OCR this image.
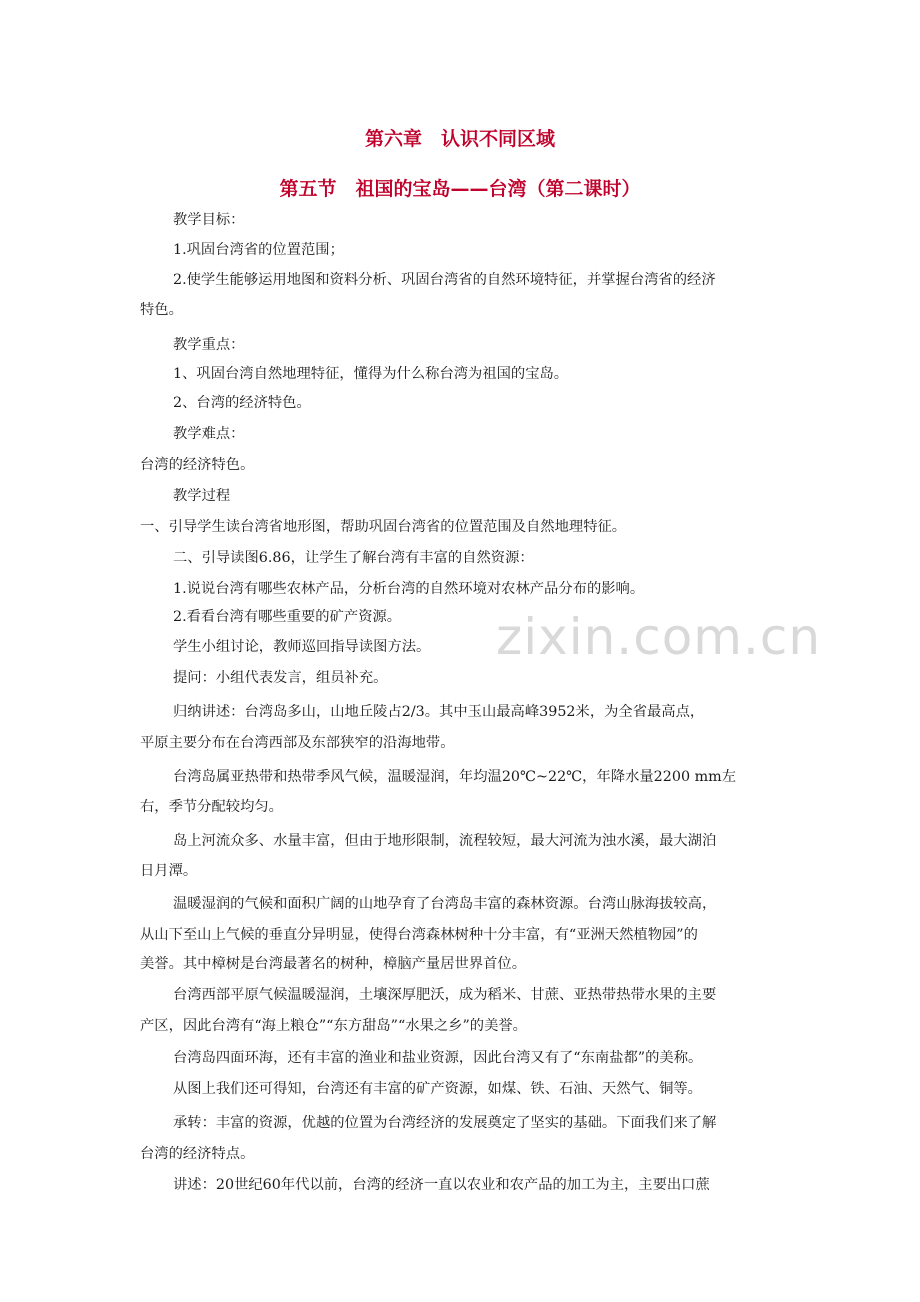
zixin.com.cn
第六章　认识不同区域
第五节　祖国的宝岛——台湾（第二课时）
教学目标：
1.巩固台湾省的位置范围；
2.使学生能够运用地图和资料分析、巩固台湾省的自然环境特征，并掌握台湾省的经济
特色。
教学重点：
1、巩固台湾自然地理特征，懂得为什么称台湾为祖国的宝岛。
2、台湾的经济特色。
教学难点：
台湾的经济特色。
教学过程
一、引导学生读台湾省地形图，帮助巩固台湾省的位置范围及自然地理特征。
二、引导读图6.86，让学生了解台湾有丰富的自然资源：
1.说说台湾有哪些农林产品，分析台湾的自然环境对农林产品分布的影响。
2.看看台湾有哪些重要的矿产资源。
学生小组讨论，教师巡回指导读图方法。
提问：小组代表发言，组员补充。
归纳讲述：台湾岛多山，山地丘陵占2/3。其中玉山最高峰3952米，为全省最高点，
平原主要分布在台湾西部及东部狭窄的沿海地带。
台湾岛属亚热带和热带季风气候，温暖湿润，年均温20℃~22℃，年降水量2200 mm左
右，季节分配较均匀。
岛上河流众多、水量丰富，但由于地形限制，流程较短，最大河流为浊水溪，最大湖泊
日月潭。
温暖湿润的气候和面积广阔的山地孕育了台湾岛丰富的森林资源。台湾山脉海拔较高，
从山下至山上气候的垂直分异明显，使得台湾森林树种十分丰富，有“亚洲天然植物园”的
美誉。其中樟树是台湾最著名的树种，樟脑产量居世界首位。
台湾西部平原气候温暖湿润，土壤深厚肥沃，成为稻米、甘蔗、亚热带热带水果的主要
产区，因此台湾有“海上粮仓”“东方甜岛”“水果之乡”的美誉。
台湾岛四面环海，还有丰富的渔业和盐业资源，因此台湾又有了“东南盐都”的美称。
从图上我们还可得知，台湾还有丰富的矿产资源，如煤、铁、石油、天然气、铜等。
承转：丰富的资源，优越的位置为台湾经济的发展奠定了坚实的基础。下面我们来了解
台湾的经济特点。
讲述：20世纪60年代以前，台湾的经济一直以农业和农产品的加工为主，主要出口蔗
